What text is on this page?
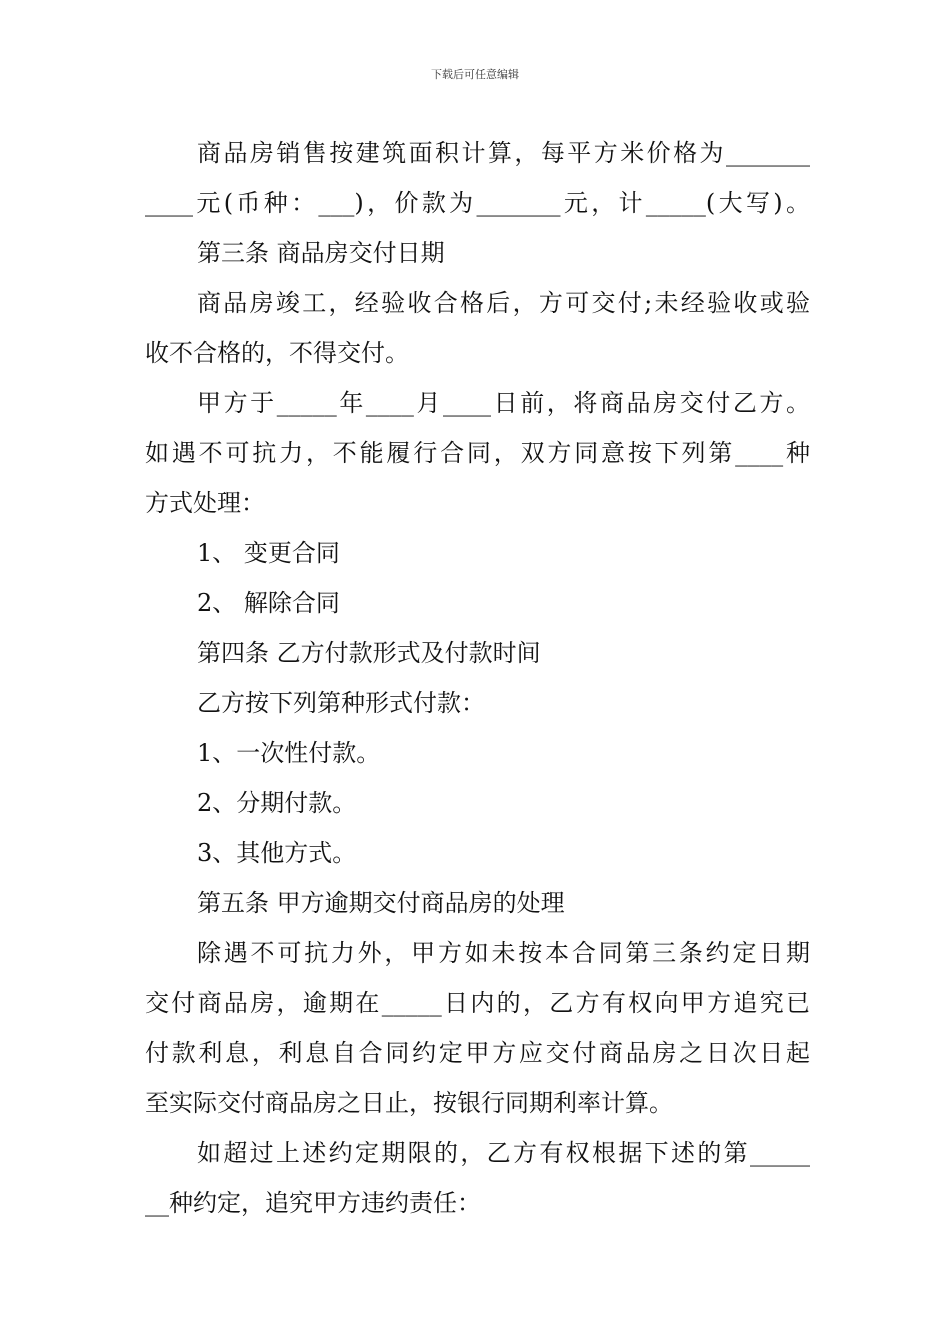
下载后可任意编辑
商品房销售按建筑面积计算，每平方米价格为_______
____元(币种：___)，价款为_______元，计_____(大写)。
第三条 商品房交付日期
商品房竣工，经验收合格后，方可交付;未经验收或验
收不合格的，不得交付。
甲方于_____年____月____日前，将商品房交付乙方。
如遇不可抗力，不能履行合同，双方同意按下列第____种
方式处理：
1、 变更合同
2、 解除合同
第四条 乙方付款形式及付款时间
乙方按下列第种形式付款：
1、一次性付款。
2、分期付款。
3、其他方式。
第五条 甲方逾期交付商品房的处理
除遇不可抗力外，甲方如未按本合同第三条约定日期
交付商品房，逾期在_____日内的，乙方有权向甲方追究已
付款利息，利息自合同约定甲方应交付商品房之日次日起
至实际交付商品房之日止，按银行同期利率计算。
如超过上述约定期限的，乙方有权根据下述的第_____
__种约定，追究甲方违约责任：
